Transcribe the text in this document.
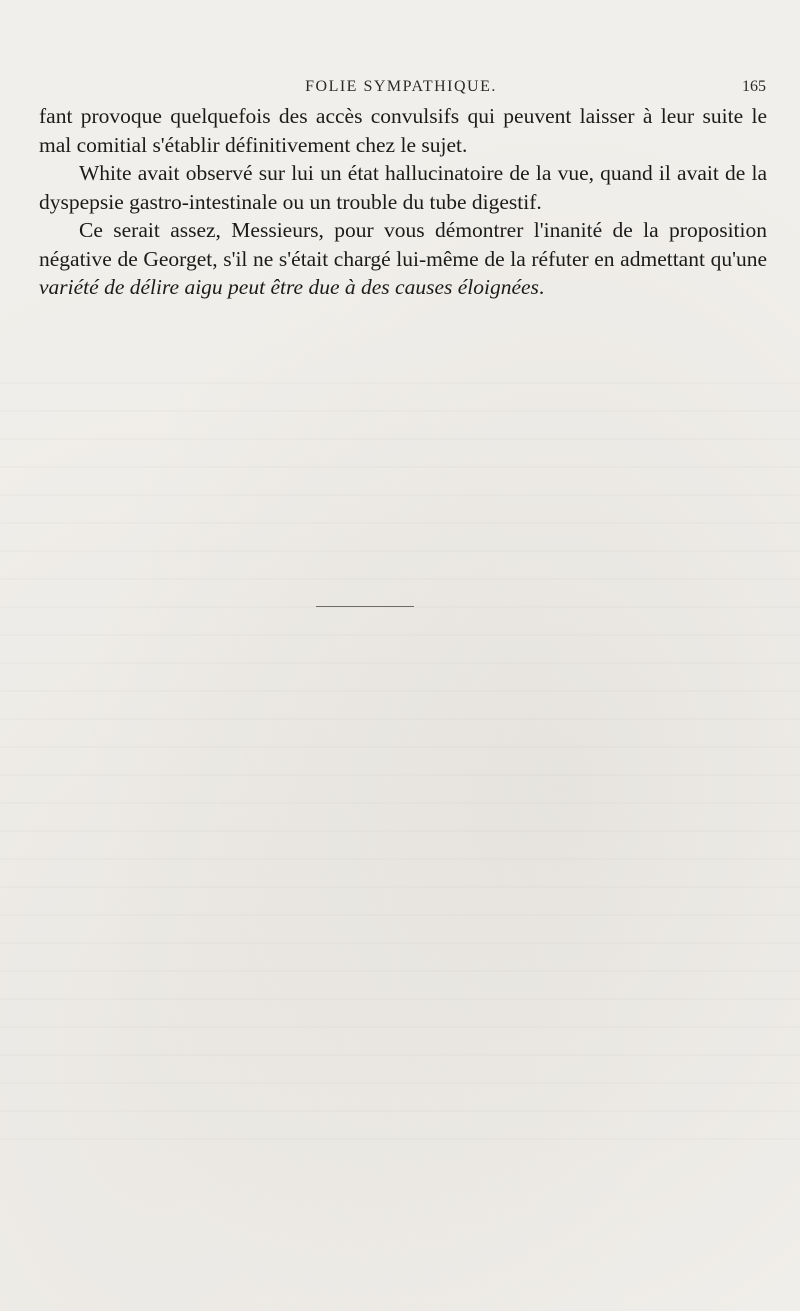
FOLIE SYMPATHIQUE.	165

fant provoque quelquefois des accès convulsifs qui peuvent laisser à leur suite le mal comitial s'établir définitivement chez le sujet.

White avait observé sur lui un état hallucinatoire de la vue, quand il avait de la dyspepsie gastro-intestinale ou un trouble du tube digestif.

Ce serait assez, Messieurs, pour vous démontrer l'inanité de la proposition négative de Georget, s'il ne s'était chargé lui-même de la réfuter en admettant qu'une variété de délire aigu peut être due à des causes éloignées.
